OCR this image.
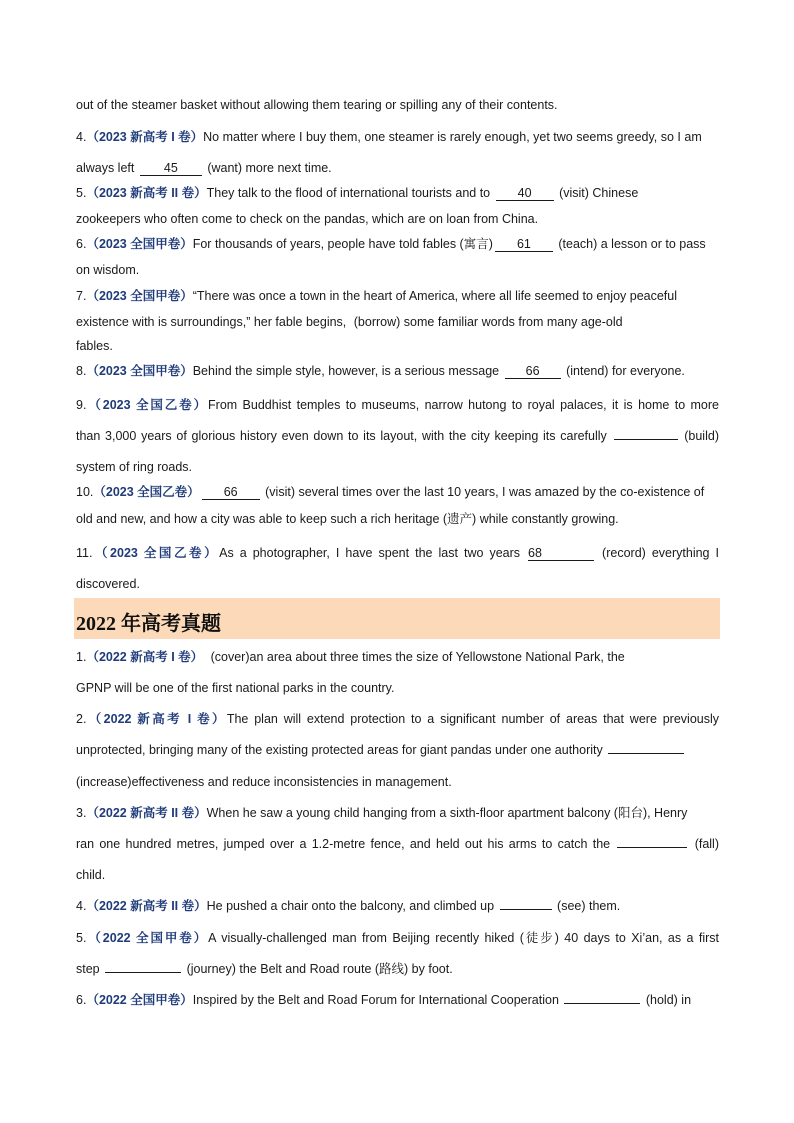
out of the steamer basket without allowing them tearing or spilling any of their contents.
4.（2023 新高考 I 卷）No matter where I buy them, one steamer is rarely enough, yet two seems greedy, so I am
always left 45 (want) more next time.
5.（2023 新高考 II 卷）They talk to the flood of international tourists and to 40 (visit) Chinese
zookeepers who often come to check on the pandas, which are on loan from China.
6.（2023 全国甲卷）For thousands of years, people have told fables (寓言) 61 (teach) a lesson or to pass
on wisdom.
7.（2023 全国甲卷）“There was once a town in the heart of America, where all life seemed to enjoy peaceful
existence with is surroundings,” her fable begins, (borrow) some familiar words from many age-old
fables.
8.（2023 全国甲卷）Behind the simple style, however, is a serious message 66 (intend) for everyone.
9.（2023 全国乙卷）From Buddhist temples to museums, narrow hutong to royal palaces, it is home to more
than 3,000 years of glorious history even down to its layout, with the city keeping its carefully	(build)
system of ring roads.
10.（2023 全国乙卷） 66 (visit) several times over the last 10 years, I was amazed by the co-existence of
old and new, and how a city was able to keep such a rich heritage (遗产) while constantly growing.
11.（2023 全国乙卷）As a photographer, I have spent the last two years 68	(record) everything I
discovered.
1.（2022 新高考 I 卷） (cover)an area about three times the size of Yellowstone National Park, the
GPNP will be one of the first national parks in the country.
2.（2022 新高考 I 卷）The plan will extend protection to a significant number of areas that were previously
unprotected, bringing many of the existing protected areas for giant pandas under one authority
(increase)effectiveness and reduce inconsistencies in management.
3.（2022 新高考 II 卷）When he saw a young child hanging from a sixth-floor apartment balcony (阳台), Henry
ran one hundred metres, jumped over a 1.2-metre fence, and held out his arms to catch the	(fall)
child.
4.（2022 新高考 II 卷）He pushed a chair onto the balcony, and climbed up	(see) them.
5.（2022 全国甲卷）A visually-challenged man from Beijing recently hiked (徒步) 40 days to Xi’an, as a first
step	(journey) the Belt and Road route (路线) by foot.
6.（2022 全国甲卷）Inspired by the Belt and Road Forum for International Cooperation	(hold) in
2022 年高考真题
